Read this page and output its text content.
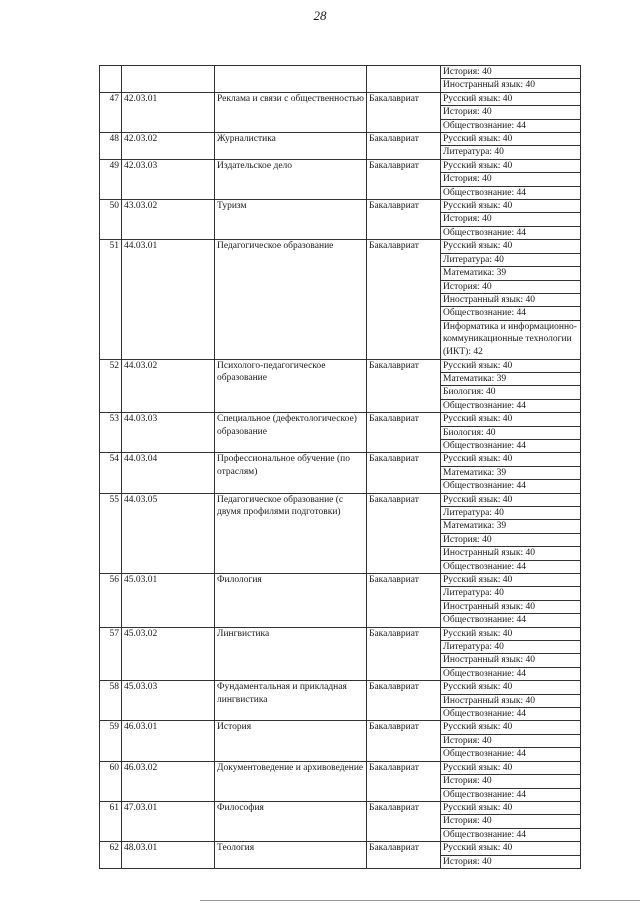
28
				История: 40
				Иностранный язык: 40
47	42.03.01	Реклама и связи с общественностью	Бакалавриат	Русский язык: 40
				История: 40
				Обществознание: 44
48	42.03.02	Журналистика	Бакалавриат	Русский язык: 40
				Литература: 40
49	42.03.03	Издательское дело	Бакалавриат	Русский язык: 40
				История: 40
				Обществознание: 44
50	43.03.02	Туризм	Бакалавриат	Русский язык: 40
				История: 40
				Обществознание: 44
51	44.03.01	Педагогическое образование	Бакалавриат	Русский язык: 40
				Литература: 40
				Математика: 39
				История: 40
				Иностранный язык: 40
				Обществознание: 44
				Информатика и информационно-коммуникационные технологии (ИКТ): 42
52	44.03.02	Психолого-педагогическое образование	Бакалавриат	Русский язык: 40
				Математика: 39
				Биология: 40
				Обществознание: 44
53	44.03.03	Специальное (дефектологическое) образование	Бакалавриат	Русский язык: 40
				Биология: 40
				Обществознание: 44
54	44.03.04	Профессиональное обучение (по отраслям)	Бакалавриат	Русский язык: 40
				Математика: 39
				Обществознание: 44
55	44.03.05	Педагогическое образование (с двумя профилями подготовки)	Бакалавриат	Русский язык: 40
				Литература: 40
				Математика: 39
				История: 40
				Иностранный язык: 40
				Обществознание: 44
56	45.03.01	Филология	Бакалавриат	Русский язык: 40
				Литература: 40
				Иностранный язык: 40
				Обществознание: 44
57	45.03.02	Лингвистика	Бакалавриат	Русский язык: 40
				Литература: 40
				Иностранный язык: 40
				Обществознание: 44
58	45.03.03	Фундаментальная и прикладная лингвистика	Бакалавриат	Русский язык: 40
				Иностранный язык: 40
				Обществознание: 44
59	46.03.01	История	Бакалавриат	Русский язык: 40
				История: 40
				Обществознание: 44
60	46.03.02	Документоведение и архивоведение	Бакалавриат	Русский язык: 40
				История: 40
				Обществознание: 44
61	47.03.01	Философия	Бакалавриат	Русский язык: 40
				История: 40
				Обществознание: 44
62	48.03.01	Теология	Бакалавриат	Русский язык: 40
				История: 40
